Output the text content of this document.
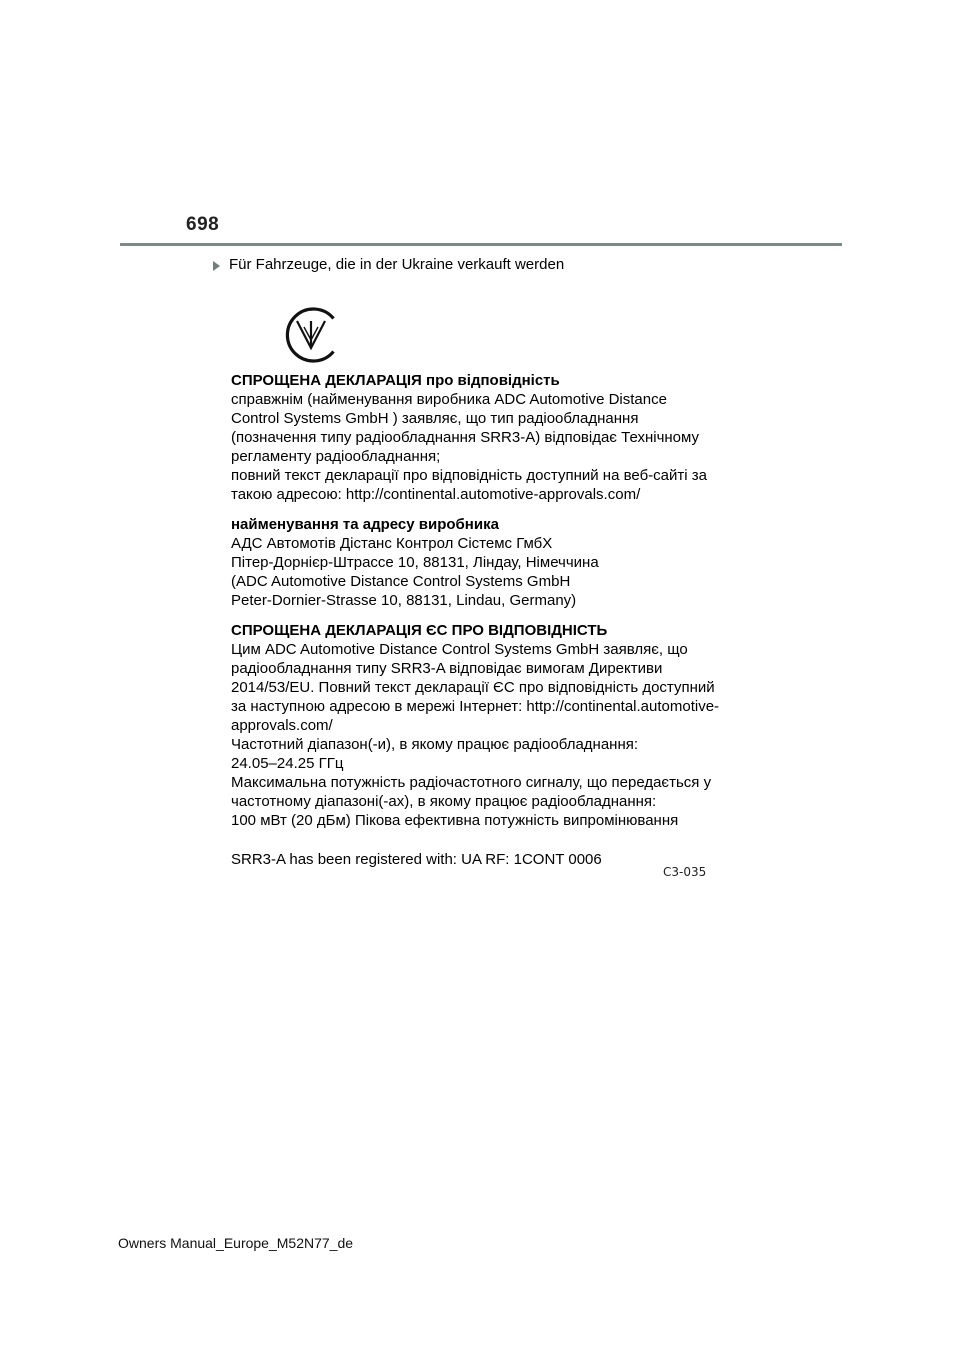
698
Für Fahrzeuge, die in der Ukraine verkauft werden
СПРОЩЕНА ДЕКЛАРАЦІЯ про відповідність
справжнім (найменування виробника ADC Automotive Distance
Control Systems GmbH ) заявляє, що тип радіообладнання
(позначення типу радіообладнання SRR3-A) відповідає Технічному
регламенту радіообладнання;
повний текст декларації про відповідність доступний на веб-сайті за
такою адресою: http://continental.automotive-approvals.com/
найменування та адресу виробника
АДС Автомотів Дістанс Контрол Сістемс ГмбХ
Пітер-Дорнієр-Штрассе 10, 88131, Ліндау, Німеччина
(ADC Automotive Distance Control Systems GmbH
Peter-Dornier-Strasse 10, 88131, Lindau, Germany)
СПРОЩЕНА ДЕКЛАРАЦІЯ ЄС ПРО ВІДПОВІДНІСТЬ
Цим ADC Automotive Distance Control Systems GmbH заявляє, що
радіообладнання типу SRR3-A відповідає вимогам Директиви
2014/53/EU. Повний текст декларації ЄС про відповідність доступний
за наступною адресою в мережі Інтернет: http://continental.automotive-
approvals.com/
Частотний діапазон(-и), в якому працює радіообладнання:
24.05–24.25 ГГц
Максимальна потужність радіочастотного сигналу, що передається у
частотному діапазоні(-ах), в якому працює радіообладнання:
100 мВт (20 дБм) Пікова ефективна потужність випромінювання
SRR3-A has been registered with: UA RF: 1CONT 0006
C3-035
Owners Manual_Europe_M52N77_de
